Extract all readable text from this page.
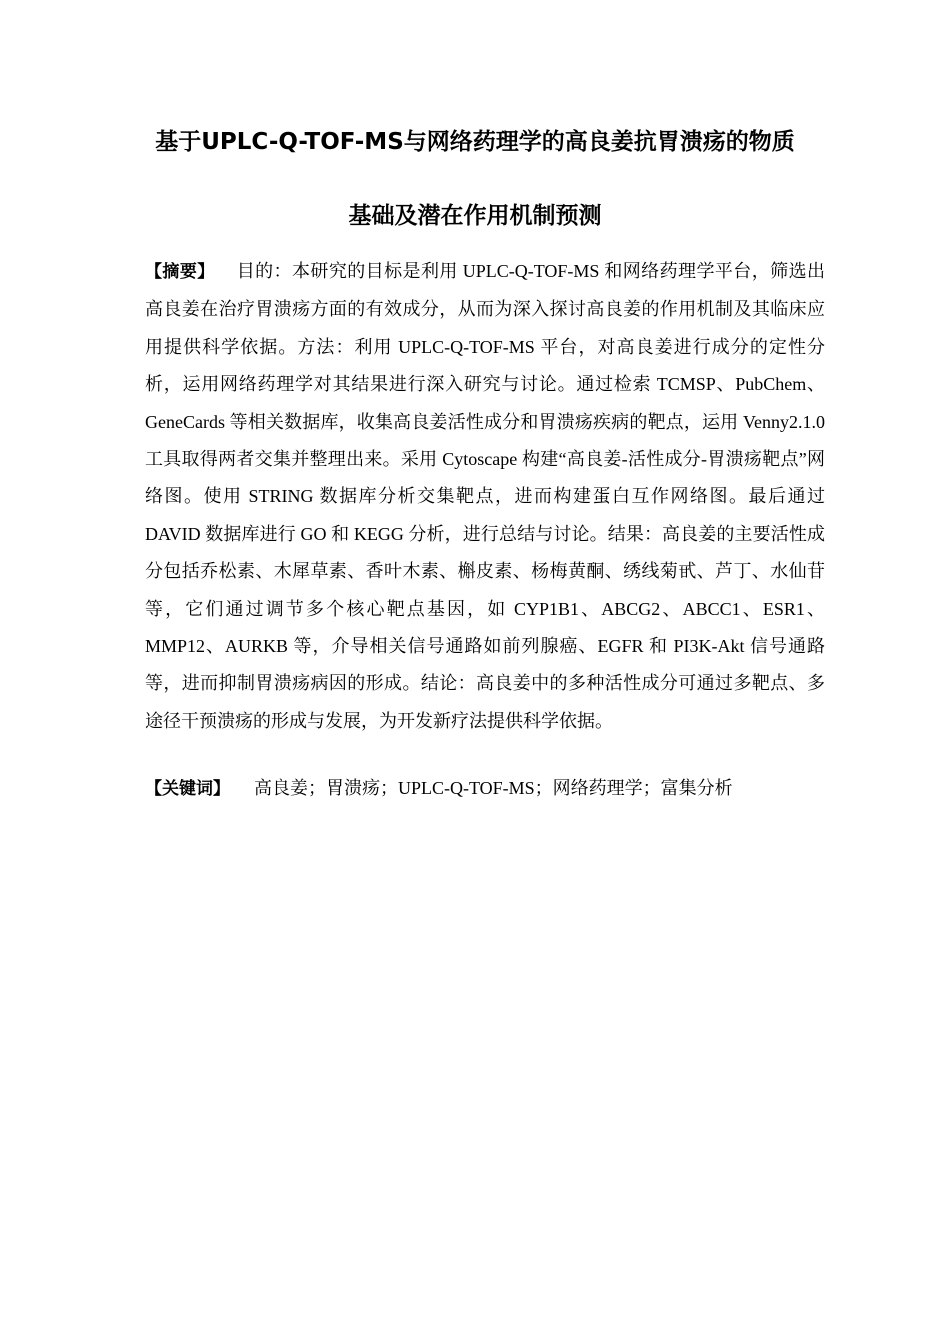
基于UPLC-Q-TOF-MS与网络药理学的高良姜抗胃溃疡的物质
基础及潜在作用机制预测
【摘要】 目的：本研究的目标是利用 UPLC-Q-TOF-MS 和网络药理学平台，筛选出高良姜在治疗胃溃疡方面的有效成分，从而为深入探讨高良姜的作用机制及其临床应用提供科学依据。方法：利用 UPLC-Q-TOF-MS 平台，对高良姜进行成分的定性分析，运用网络药理学对其结果进行深入研究与讨论。通过检索 TCMSP、PubChem、GeneCards 等相关数据库，收集高良姜活性成分和胃溃疡疾病的靶点，运用 Venny2.1.0 工具取得两者交集并整理出来。采用 Cytoscape 构建“高良姜-活性成分-胃溃疡靶点”网络图。使用 STRING 数据库分析交集靶点，进而构建蛋白互作网络图。最后通过 DAVID 数据库进行 GO 和 KEGG 分析，进行总结与讨论。结果：高良姜的主要活性成分包括乔松素、木犀草素、香叶木素、槲皮素、杨梅黄酮、绣线菊甙、芦丁、水仙苷等，它们通过调节多个核心靶点基因，如 CYP1B1、ABCG2、ABCC1、ESR1、MMP12、AURKB 等，介导相关信号通路如前列腺癌、EGFR 和 PI3K-Akt 信号通路等，进而抑制胃溃疡病因的形成。结论：高良姜中的多种活性成分可通过多靶点、多途径干预溃疡的形成与发展，为开发新疗法提供科学依据。
【关键词】 高良姜；胃溃疡；UPLC-Q-TOF-MS；网络药理学；富集分析
